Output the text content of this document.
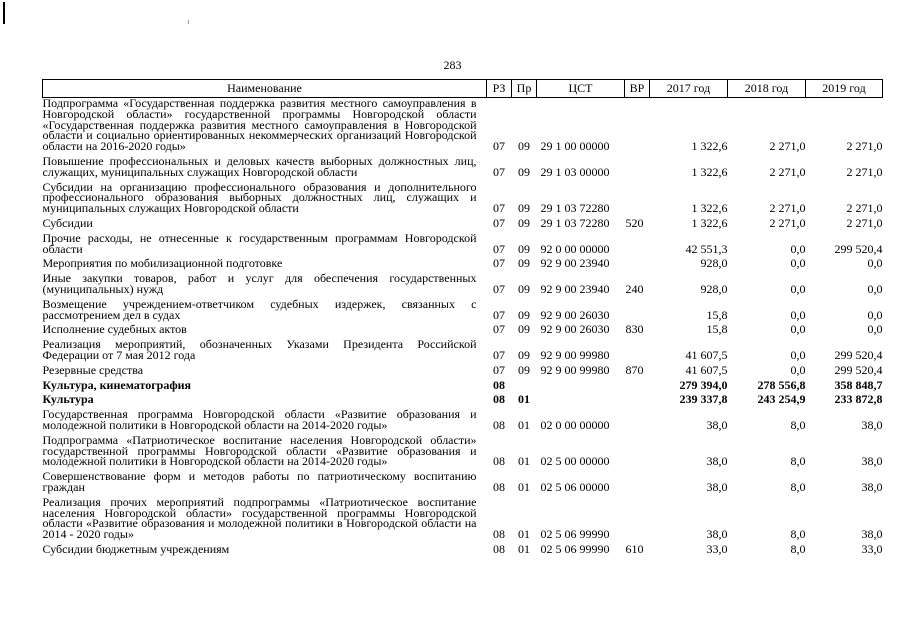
283
Наименование	РЗ	Пр	ЦСТ	ВР	2017 год	2018 год	2019 год
Подпрограмма «Государственная поддержка развития местного самоуправления в Новгородской области» государственной программы Новгородской области «Государственная поддержка развития местного самоуправления в Новгородской области и социально ориентированных некоммерческих организаций Новгородской области на 2016-2020 годы»	07	09	29 1 00 00000		1 322,6	2 271,0	2 271,0
Повышение профессиональных и деловых качеств выборных должностных лиц, служащих, муниципальных служащих Новгородской области	07	09	29 1 03 00000		1 322,6	2 271,0	2 271,0
Субсидии на организацию профессионального образования и дополнительного профессионального образования выборных должностных лиц, служащих и муниципальных служащих Новгородской области	07	09	29 1 03 72280		1 322,6	2 271,0	2 271,0
Субсидии	07	09	29 1 03 72280	520	1 322,6	2 271,0	2 271,0
Прочие расходы, не отнесенные к государственным программам Новгородской области	07	09	92 0 00 00000		42 551,3	0,0	299 520,4
Мероприятия по мобилизационной подготовке	07	09	92 9 00 23940		928,0	0,0	0,0
Иные закупки товаров, работ и услуг для обеспечения государственных (муниципальных) нужд	07	09	92 9 00 23940	240	928,0	0,0	0,0
Возмещение учреждением-ответчиком судебных издержек, связанных с рассмотрением дел в судах	07	09	92 9 00 26030		15,8	0,0	0,0
Исполнение судебных актов	07	09	92 9 00 26030	830	15,8	0,0	0,0
Реализация мероприятий, обозначенных Указами Президента Российской Федерации от 7 мая 2012 года	07	09	92 9 00 99980		41 607,5	0,0	299 520,4
Резервные средства	07	09	92 9 00 99980	870	41 607,5	0,0	299 520,4
Культура, кинематография	08				279 394,0	278 556,8	358 848,7
Культура	08	01			239 337,8	243 254,9	233 872,8
Государственная программа Новгородской области «Развитие образования и молодежной политики в Новгородской области на 2014-2020 годы»	08	01	02 0 00 00000		38,0	8,0	38,0
Подпрограмма «Патриотическое воспитание населения Новгородской области» государственной программы Новгородской области «Развитие образования и молодежной политики в Новгородской области на 2014-2020 годы»	08	01	02 5 00 00000		38,0	8,0	38,0
Совершенствование форм и методов работы по патриотическому воспитанию граждан	08	01	02 5 06 00000		38,0	8,0	38,0
Реализация прочих мероприятий подпрограммы «Патриотическое воспитание населения Новгородской области» государственной программы Новгородской области «Развитие образования и молодежной политики в Новгородской области на 2014 - 2020 годы»	08	01	02 5 06 99990		38,0	8,0	38,0
Субсидии бюджетным учреждениям	08	01	02 5 06 99990	610	33,0	8,0	33,0
